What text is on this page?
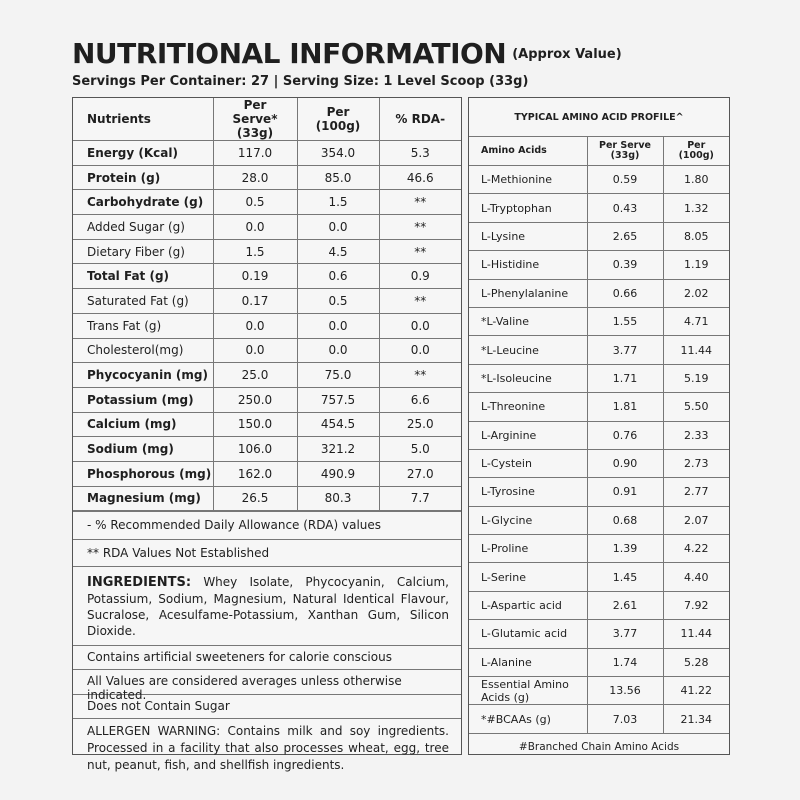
NUTRITIONAL INFORMATION (Approx Value)
Servings Per Container: 27 | Serving Size: 1 Level Scoop (33g)
Nutrients	Per Serve* (33g)	Per (100g)	% RDA-
Energy (Kcal)	117.0	354.0	5.3
Protein (g)	28.0	85.0	46.6
Carbohydrate (g)	0.5	1.5	**
Added Sugar (g)	0.0	0.0	**
Dietary Fiber (g)	1.5	4.5	**
Total Fat (g)	0.19	0.6	0.9
Saturated Fat (g)	0.17	0.5	**
Trans Fat (g)	0.0	0.0	0.0
Cholesterol(mg)	0.0	0.0	0.0
Phycocyanin (mg)	25.0	75.0	**
Potassium (mg)	250.0	757.5	6.6
Calcium (mg)	150.0	454.5	25.0
Sodium (mg)	106.0	321.2	5.0
Phosphorous (mg)	162.0	490.9	27.0
Magnesium (mg)	26.5	80.3	7.7
- % Recommended Daily Allowance (RDA) values
** RDA Values Not Established
INGREDIENTS: Whey Isolate, Phycocyanin, Calcium, Potassium, Sodium, Magnesium, Natural Identical Flavour, Sucralose, Acesulfame-Potassium, Xanthan Gum, Silicon Dioxide.
Contains artificial sweeteners for calorie conscious
All Values are considered averages unless otherwise indicated.
Does not Contain Sugar
ALLERGEN WARNING: Contains milk and soy ingredients. Processed in a facility that also processes wheat, egg, tree nut, peanut, fish, and shellfish ingredients.
TYPICAL AMINO ACID PROFILE^
Amino Acids	Per Serve (33g)	Per (100g)
L-Methionine	0.59	1.80
L-Tryptophan	0.43	1.32
L-Lysine	2.65	8.05
L-Histidine	0.39	1.19
L-Phenylalanine	0.66	2.02
*L-Valine	1.55	4.71
*L-Leucine	3.77	11.44
*L-Isoleucine	1.71	5.19
L-Threonine	1.81	5.50
L-Arginine	0.76	2.33
L-Cystein	0.90	2.73
L-Tyrosine	0.91	2.77
L-Glycine	0.68	2.07
L-Proline	1.39	4.22
L-Serine	1.45	4.40
L-Aspartic acid	2.61	7.92
L-Glutamic acid	3.77	11.44
L-Alanine	1.74	5.28
Essential Amino Acids (g)	13.56	41.22
*#BCAAs (g)	7.03	21.34
#Branched Chain Amino Acids
